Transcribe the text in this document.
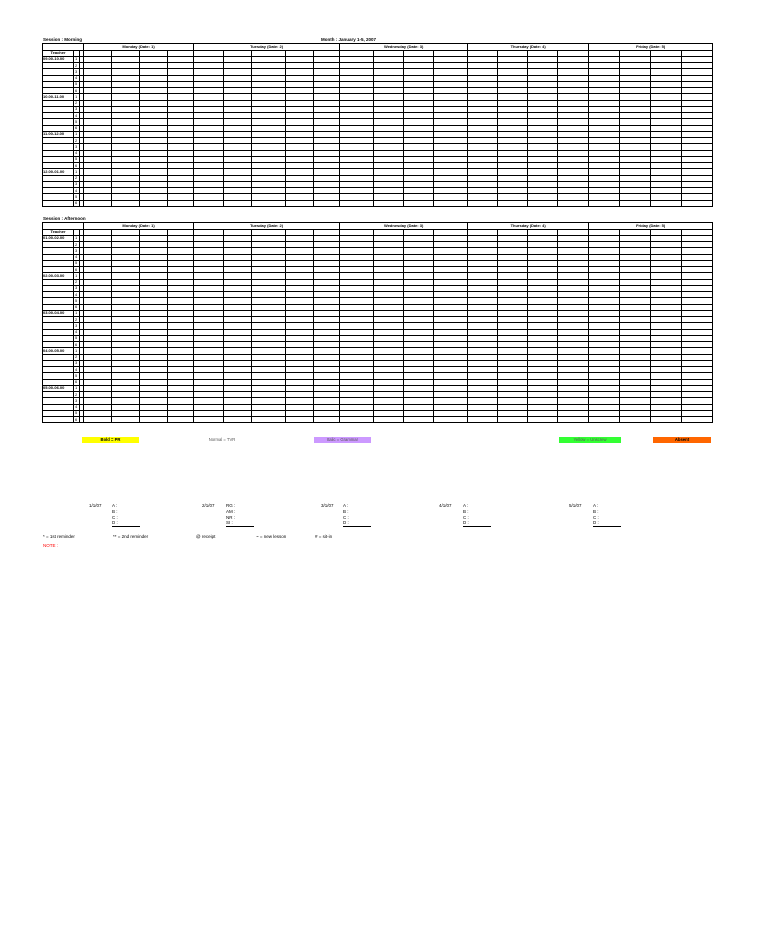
Session : Morning	Month : January 1-5, 2007
			Monday (Date: 1)				Tuesday (Date: 2)					Wednesday (Date: 3)				Thursday (Date: 4)				Friday (Date: 5)			
Teacher																							
09.00-10.00	1																						
	2																						
	3																						
	4																						
	5																						
	6																						
10.00-11.00	1																						
	2																						
	3																						
	4																						
	5																						
	6																						
11.00-12.00	1																						
	2																						
	3																						
	4																						
	5																						
	6																						
12.00-01.00	1																						
	2																						
	3																						
	4																						
	5																						
	6																						
Session : Afternoon
			Monday (Date: 1)				Tuesday (Date: 2)					Wednesday (Date: 3)				Thursday (Date: 4)				Friday (Date: 5)			
Teacher																							
01.00-02.00	1																						
	2																						
	3																						
	4																						
	5																						
	6																						
02.00-03.00	1																						
	2																						
	3																						
	4																						
	5																						
	6																						
03.00-04.00	1																						
	2																						
	3																						
	4																						
	5																						
	6																						
04.00-05.00	1																						
	2																						
	3																						
	4																						
	5																						
	6																						
05.00-06.00	1																						
	2																						
	3																						
	4																						
	5																						
	6																						
Bold = PR	Normal = TVR	Italic = Grammar	Yellow = Unscrew	Absent
1/1/07 A :
B :
C :
D :
2/1/07	RG :
AM :
NR :
SI :
3/1/07 A :
B :
C :
D :
4/1/07	A :
B :
C :
D :
5/1/07	A :
B :
C :
D :
* = 1st reminder	** = 2nd reminder	@ receipt	~ = new lesson	# = sit-in
NOTE :
